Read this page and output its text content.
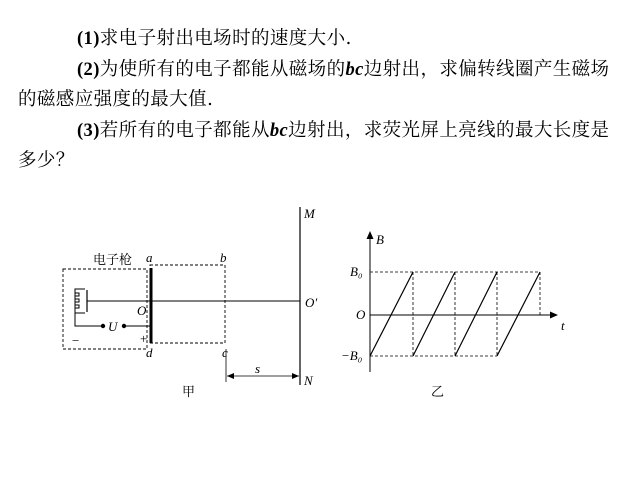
(1)求电子射出电场时的速度大小.

(2)为使所有的电子都能从磁场的bc边射出，求偏转线圈产生磁场的磁感应强度的最大值.

(3)若所有的电子都能从bc边射出，求荧光屏上亮线的最大长度是多少？

电子枪 a	b
O
O′
M
N
U
−	+
d	c
s
甲
B
t
B₀
−B₀
O
乙
